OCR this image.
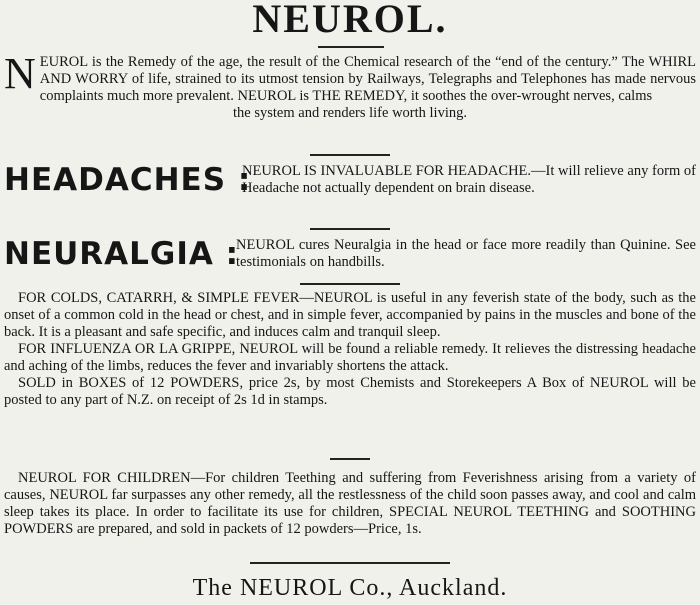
NEUROL.
N EUROL is the Remedy of the age, the result of the Chemical research of the “end of the century.” The WHIRL AND WORRY of life, strained to its utmost tension by Railways, Telegraphs and Telephones has made nervous complaints much more prevalent. NEUROL is THE REMEDY, it soothes the over-wrought nerves, calms

the system and renders life worth living.

HEADACHES :
NEUROL IS INVALUABLE FOR HEADACHE.—It will relieve any form of Headache not actually dependent on brain disease.
NEURALGIA :
NEUROL cures Neuralgia in the head or face more readily than Quinine. See testimonials on handbills.

FOR COLDS, CATARRH, & SIMPLE FEVER—NEUROL is useful in any feverish state of the body, such as the onset of a common cold in the head or chest, and in simple fever, accompanied by pains in the muscles and bone of the back. It is a pleasant and safe specific, and induces calm and tranquil sleep.

FOR INFLUENZA OR LA GRIPPE, NEUROL will be found a reliable remedy. It relieves the distressing headache and aching of the limbs, reduces the fever and invariably shortens the attack.

SOLD in BOXES of 12 POWDERS, price 2s, by most Chemists and Storekeepers A Box of NEUROL will be posted to any part of N.Z. on receipt of 2s 1d in stamps.

NEUROL FOR CHILDREN—For children Teething and suffering from Feverishness arising from a variety of causes, NEUROL far surpasses any other remedy, all the restlessness of the child soon passes away, and cool and calm sleep takes its place. In order to facilitate its use for children, SPECIAL NEUROL TEETHING and SOOTHING POWDERS are prepared, and sold in packets of 12 powders—Price, 1s.
The NEUROL Co., Auckland.
